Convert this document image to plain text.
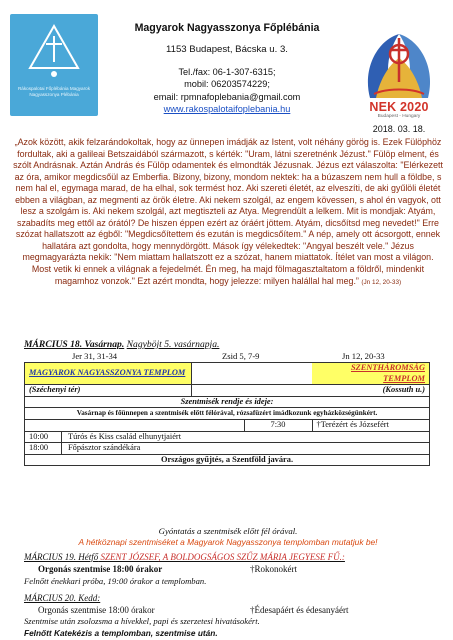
Rákospalotai Főplébánia Magyarok Nagyasszonya Plébánia
Magyarok Nagyasszonya Főplébánia
1153 Budapest, Bácska u. 3.
Tel./fax: 06-1-307-6315;
mobil: 06203574229;
email: rpmnafoplebania@gmail.com
www.rakospalotaifoplebania.hu	NEK 2020
Budapest - Hungary
2018. 03. 18.
„Azok között, akik felzarándokoltak, hogy az ünnepen imádják az Istent, volt néhány görög is. Ezek Fülöphöz fordultak, aki a galileai Betszaidából származott, s kérték: "Uram, látni szeretnénk Jézust." Fülöp elment, és szólt Andrásnak. Aztán András és Fülöp odamentek és elmondták Jézusnak. Jézus ezt válaszolta: "Elérkezett az óra, amikor megdicsőül az Emberfia. Bizony, bizony, mondom nektek: ha a búzaszem nem hull a földbe, s nem hal el, egymaga marad, de ha elhal, sok termést hoz. Aki szereti életét, az elveszíti, de aki gyűlöli életét ebben a világban, az megmenti az örök életre. Aki nekem szolgál, az engem kövessen, s ahol én vagyok, ott lesz a szolgám is. Aki nekem szolgál, azt megtiszteli az Atya. Megrendült a lelkem. Mit is mondjak: Atyám, szabadíts meg ettől az órától? De hiszen éppen ezért az óráért jöttem. Atyám, dicsőítsd meg nevedet!" Erre szózat hallatszott az égből: "Megdicsőítettem és ezután is megdicsőítem." A nép, amely ott ácsorgott, ennek hallatára azt gondolta, hogy mennydörgött. Mások így vélekedtek: "Angyal beszélt vele." Jézus megmagyarázta nekik: "Nem miattam hallatszott ez a szózat, hanem miattatok. Ítélet van most a világon. Most vetik ki ennek a világnak a fejedelmét. Én meg, ha majd fölmagasztaltatom a földről, mindenkit magamhoz vonzok." Ezt azért mondta, hogy jelezze: milyen halállal hal meg.” (Jn 12, 20-33)
MÁRCIUS 18. Vasárnap. Nagyböjt 5. vasárnapja.
Jer 31, 31-34	Zsid 5, 7-9	Jn 12, 20-33
MAGYAROK NAGYASSZONYA TEMPLOM			SZENTHÁROMSÁG TEMPLOM
(Széchenyi tér)			(Kossuth u.)
Szentmisék rendje és ideje:			
Vasárnap és főünnepen a szentmisék előtt félórával, rózsafüzért imádkozunk egyházközségünkért.			
		7:30	†Terézért és Józsefért

10:00 Túrós és Kiss család elhunytjaiért			

18:00 Főpásztor szándékára			

Országos gyűjtés, a Szentföld javára.			
Gyóntatás a szentmisék előtt fél órával.
A hétköznapi szentmiséket a Magyarok Nagyasszonya templomban mutatjuk be!
MÁRCIUS 19. Hétfő SZENT JÓZSEF, A BOLDOGSÁGOS SZŰZ MÁRIA JEGYESE FŰ.:
Orgonás szentmise 18:00 órakor	†Rokonokért
Felnőtt énekkari próba, 19:00 órakor a templomban.
MÁRCIUS 20. Kedd:
Orgonás szentmise 18:00 órakor	†Édesapáért és édesanyáért
Szentmise után zsolozsma a hívekkel, papi és szerzetesi hivatásokért.
Felnőtt Katekézis a templomban, szentmise után.
